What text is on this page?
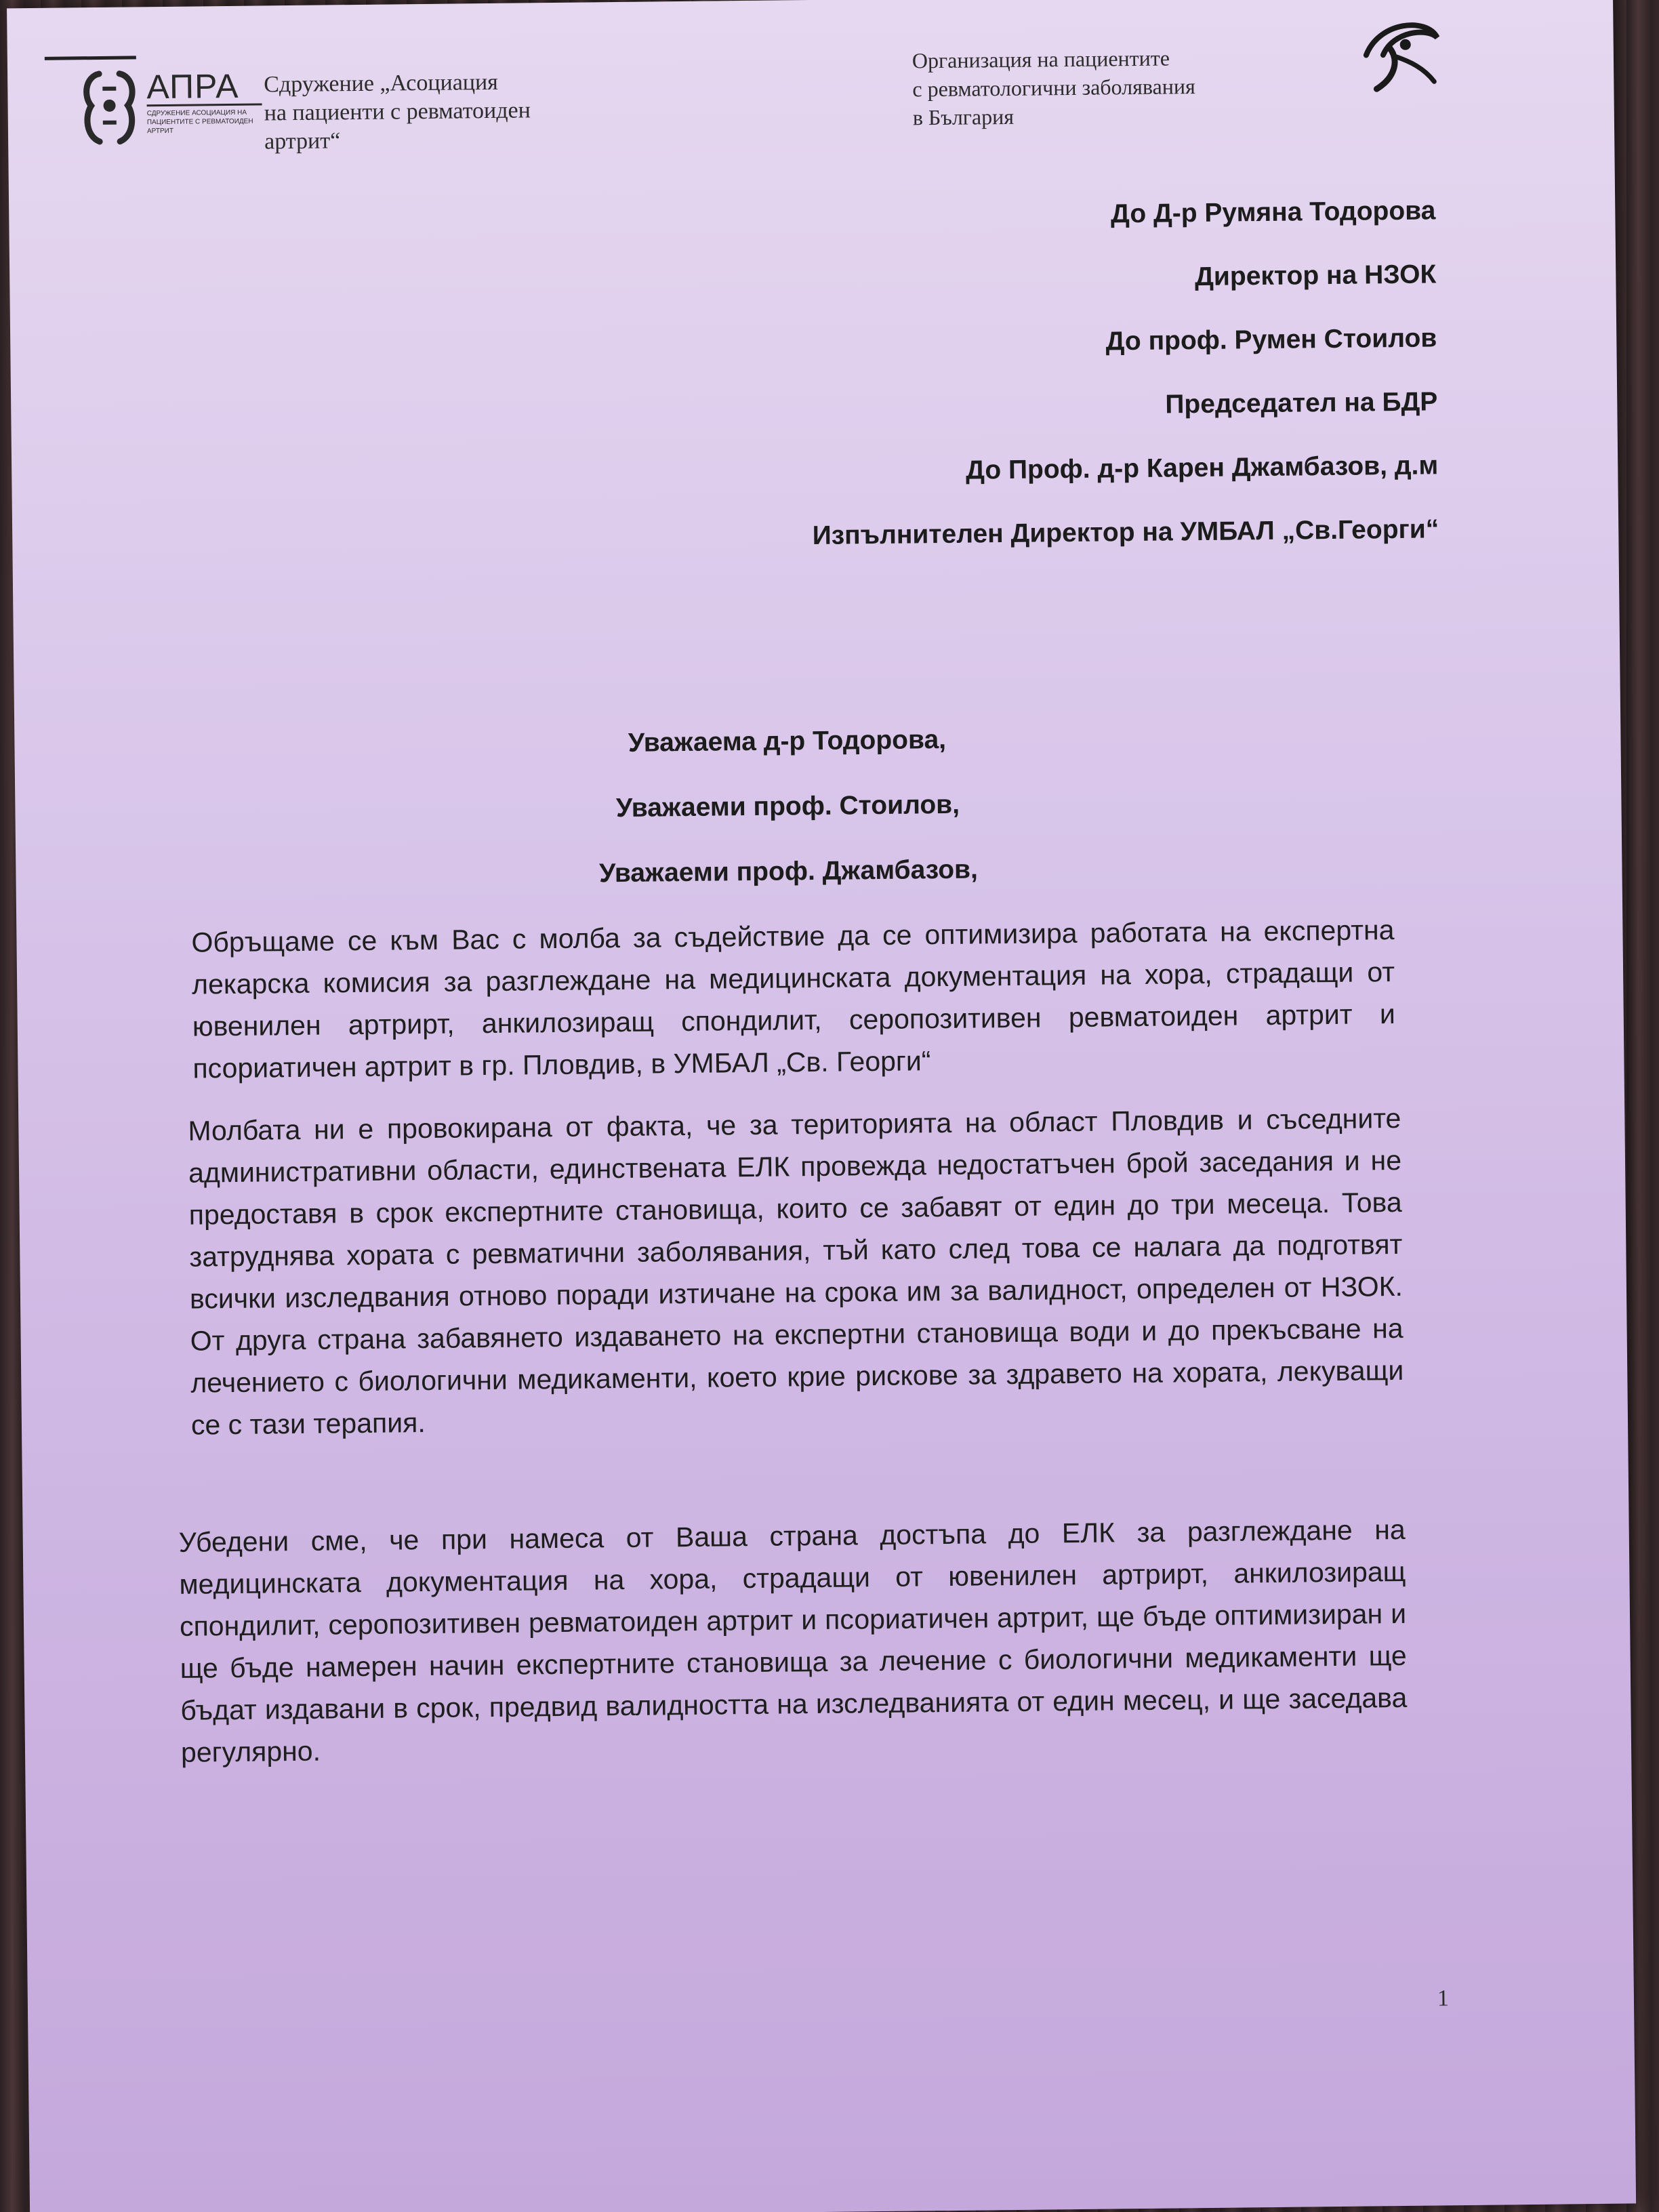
АПРА
СДРУЖЕНИЕ АСОЦИАЦИЯ НА ПАЦИЕНТИТЕ С РЕВМАТОИДЕН АРТРИТ
Сдружение „Асоциация
на пациенти с ревматоиден
артрит“
Организация на пациентите
с ревматологични заболявания
в България
До Д-р Румяна Тодорова
Директор на НЗОК
До проф. Румен Стоилов
Председател на БДР
До Проф. д-р Карен Джамбазов, д.м
Изпълнителен Директор на УМБАЛ „Св.Георги“
Уважаема д-р Тодорова,
Уважаеми проф. Стоилов,
Уважаеми проф. Джамбазов,
Обръщаме се към Вас с молба за съдействие да се оптимизира работата на експертна лекарска комисия за разглеждане на медицинската документация на хора, страдащи от ювенилен артрирт, анкилозиращ спондилит, серопозитивен ревматоиден артрит и псориатичен артрит в гр. Пловдив, в УМБАЛ „Св. Георги“
Молбата ни е провокирана от факта, че за територията на област Пловдив и съседните административни области, единствената ЕЛК провежда недостатъчен брой заседания и не предоставя в срок експертните становища, които се забавят от един до три месеца. Това затруднява хората с ревматични заболявания, тъй като след това се налага да подготвят всички изследвания отново поради изтичане на срока им за валидност, определен от НЗОК. От друга страна забавянето издаването на експертни становища води и до прекъсване на лечението с биологични медикаменти, което крие рискове за здравето на хората, лекуващи се с тази терапия.
Убедени сме, че при намеса от Ваша страна достъпа до ЕЛК за разглеждане на медицинската документация на хора, страдащи от ювенилен артрирт, анкилозиращ спондилит, серопозитивен ревматоиден артрит и псориатичен артрит, ще бъде оптимизиран и ще бъде намерен начин експертните становища за лечение с биологични медикаменти ще бъдат издавани в срок, предвид валидността на изследванията от един месец, и ще заседава регулярно.
1
